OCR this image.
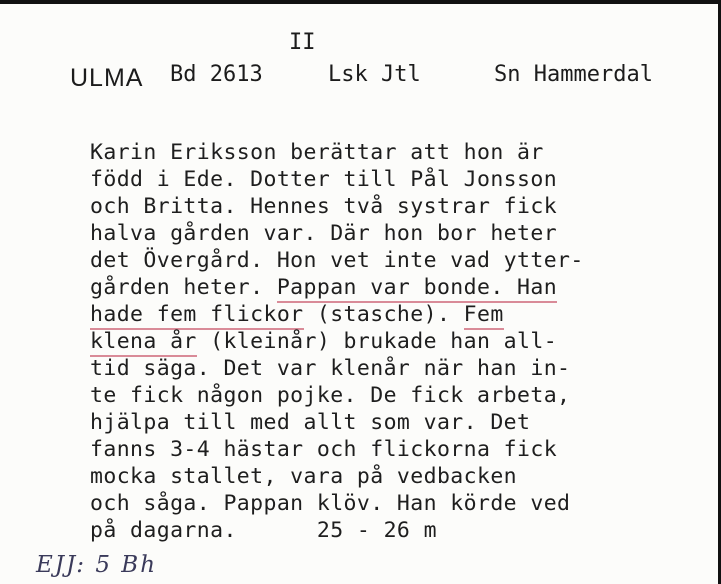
II
ULMA Bd 2613	Lsk Jtl	Sn Hammerdal
Karin Eriksson berättar att hon är
född i Ede. Dotter till Pål Jonsson
och Britta. Hennes två systrar fick
halva gården var. Där hon bor heter
det Övergård. Hon vet inte vad ytter-
gården heter. Pappan var bonde. Han
hade fem flickor (stasche). Fem
klena år (kleinår) brukade han all-
tid säga. Det var klenår när han in-
te fick någon pojke. De fick arbeta,
hjälpa till med allt som var. Det
fanns 3-4 hästar och flickorna fick
mocka stallet, vara på vedbacken
och såga. Pappan klöv. Han körde ved
på dagarna.      25 - 26 m
EJJ: 5 Bh
